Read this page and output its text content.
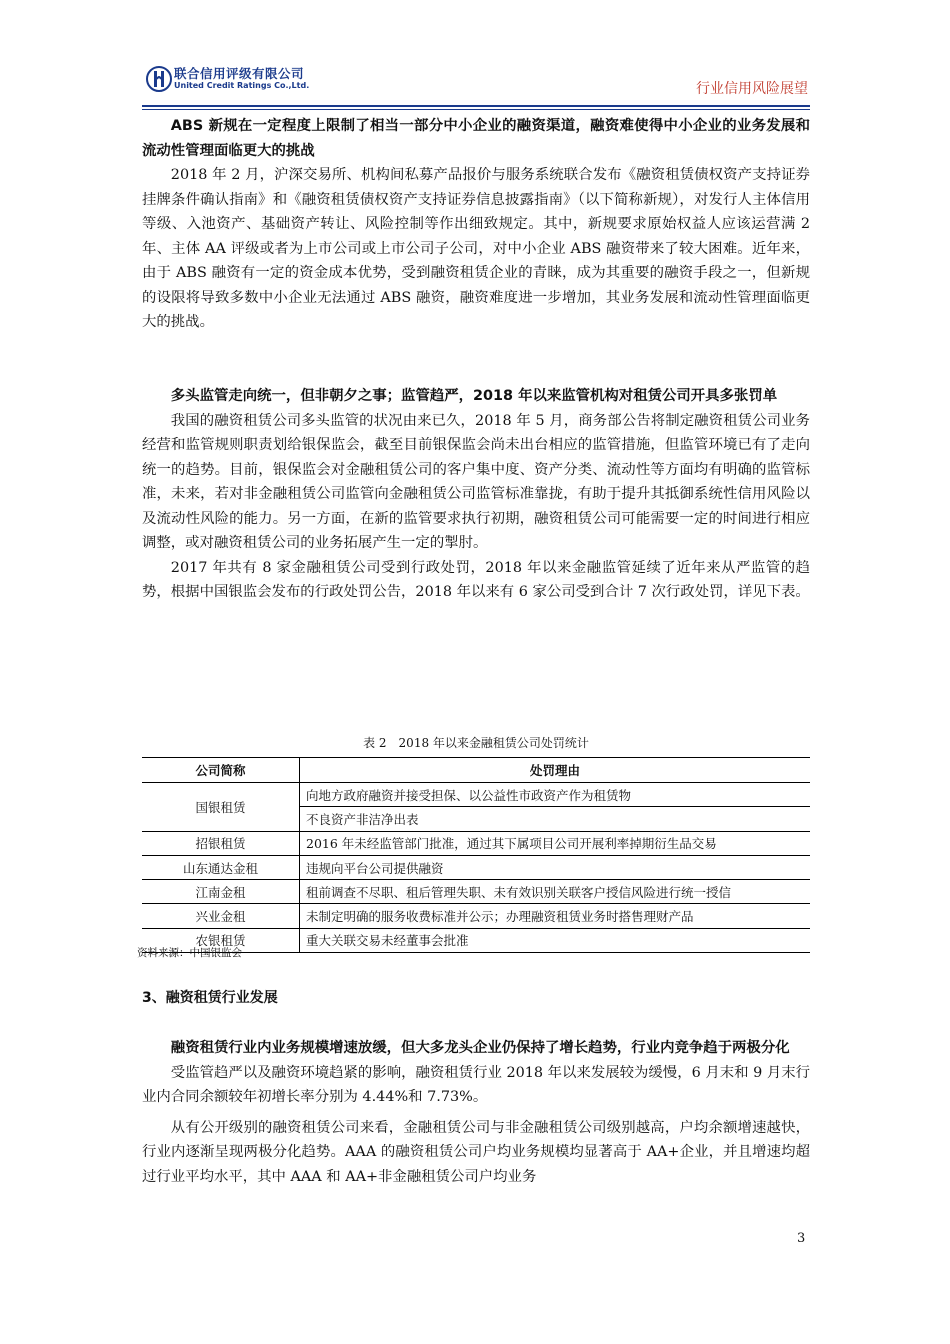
联合信用评级有限公司
United Credit Ratings Co.,Ltd.	行业信用风险展望
ABS 新规在一定程度上限制了相当一部分中小企业的融资渠道，融资难使得中小企业的业务发展和流动性管理面临更大的挑战
2018 年 2 月，沪深交易所、机构间私募产品报价与服务系统联合发布《融资租赁债权资产支持证券挂牌条件确认指南》和《融资租赁债权资产支持证券信息披露指南》（以下简称新规），对发行人主体信用等级、入池资产、基础资产转让、风险控制等作出细致规定。其中，新规要求原始权益人应该运营满 2 年、主体 AA 评级或者为上市公司或上市公司子公司，对中小企业 ABS 融资带来了较大困难。近年来，由于 ABS 融资有一定的资金成本优势，受到融资租赁企业的青睐，成为其重要的融资手段之一，但新规的设限将导致多数中小企业无法通过 ABS 融资，融资难度进一步增加，其业务发展和流动性管理面临更大的挑战。
多头监管走向统一，但非朝夕之事；监管趋严，2018 年以来监管机构对租赁公司开具多张罚单
我国的融资租赁公司多头监管的状况由来已久，2018 年 5 月，商务部公告将制定融资租赁公司业务经营和监管规则职责划给银保监会，截至目前银保监会尚未出台相应的监管措施，但监管环境已有了走向统一的趋势。目前，银保监会对金融租赁公司的客户集中度、资产分类、流动性等方面均有明确的监管标准，未来，若对非金融租赁公司监管向金融租赁公司监管标准靠拢，有助于提升其抵御系统性信用风险以及流动性风险的能力。另一方面，在新的监管要求执行初期，融资租赁公司可能需要一定的时间进行相应调整，或对融资租赁公司的业务拓展产生一定的掣肘。
2017 年共有 8 家金融租赁公司受到行政处罚，2018 年以来金融监管延续了近年来从严监管的趋势，根据中国银监会发布的行政处罚公告，2018 年以来有 6 家公司受到合计 7 次行政处罚，详见下表。
表 2　2018 年以来金融租赁公司处罚统计
公司简称	处罚理由
国银租赁	向地方政府融资并接受担保、以公益性市政资产作为租赁物
	不良资产非洁净出表
招银租赁	2016 年未经监管部门批准，通过其下属项目公司开展利率掉期衍生品交易
山东通达金租	违规向平台公司提供融资
江南金租	租前调查不尽职、租后管理失职、未有效识别关联客户授信风险进行统一授信
兴业金租	未制定明确的服务收费标准并公示；办理融资租赁业务时搭售理财产品
农银租赁	重大关联交易未经董事会批准
资料来源：中国银监会
3、融资租赁行业发展
融资租赁行业内业务规模增速放缓，但大多龙头企业仍保持了增长趋势，行业内竞争趋于两极分化
受监管趋严以及融资环境趋紧的影响，融资租赁行业 2018 年以来发展较为缓慢，6 月末和 9 月末行业内合同余额较年初增长率分别为 4.44%和 7.73%。
从有公开级别的融资租赁公司来看，金融租赁公司与非金融租赁公司级别越高，户均余额增速越快，行业内逐渐呈现两极分化趋势。AAA 的融资租赁公司户均业务规模均显著高于 AA+企业，并且增速均超过行业平均水平，其中 AAA 和 AA+非金融租赁公司户均业务
3
